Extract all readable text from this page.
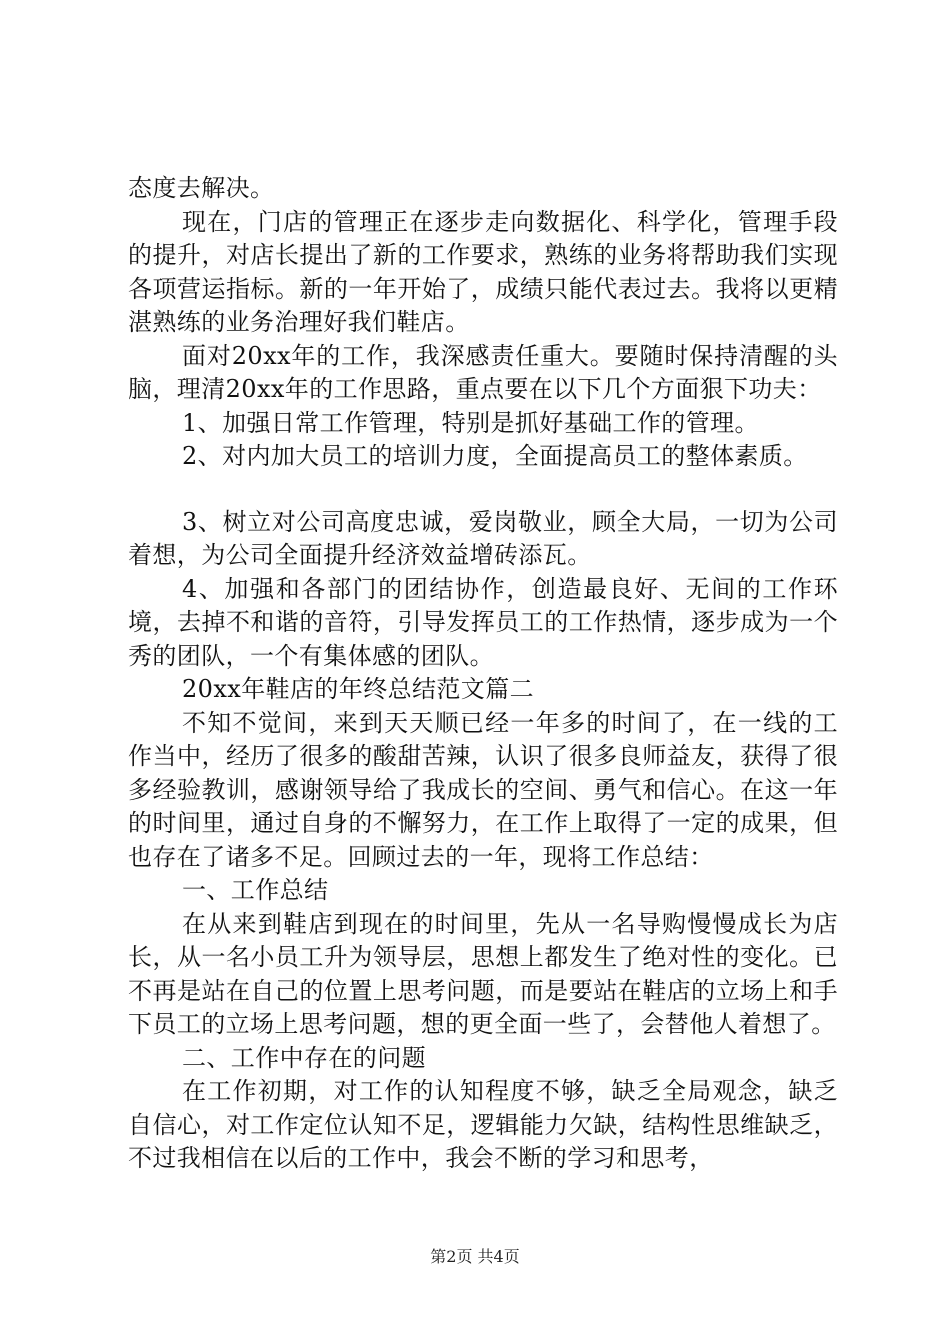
态度去解决。

现在，门店的管理正在逐步走向数据化、科学化，管理手段的提升，对店长提出了新的工作要求，熟练的业务将帮助我们实现各项营运指标。新的一年开始了，成绩只能代表过去。我将以更精湛熟练的业务治理好我们鞋店。

面对20xx年的工作，我深感责任重大。要随时保持清醒的头脑，理清20xx年的工作思路，重点要在以下几个方面狠下功夫：

1、加强日常工作管理，特别是抓好基础工作的管理。

2、对内加大员工的培训力度，全面提高员工的整体素质。

3、树立对公司高度忠诚，爱岗敬业，顾全大局，一切为公司着想，为公司全面提升经济效益增砖添瓦。

4、加强和各部门的团结协作，创造最良好、无间的工作环境，去掉不和谐的音符，引导发挥员工的工作热情，逐步成为一个秀的团队，一个有集体感的团队。

20xx年鞋店的年终总结范文篇二

不知不觉间，来到天天顺已经一年多的时间了，在一线的工作当中，经历了很多的酸甜苦辣，认识了很多良师益友，获得了很多经验教训，感谢领导给了我成长的空间、勇气和信心。在这一年的时间里，通过自身的不懈努力，在工作上取得了一定的成果，但也存在了诸多不足。回顾过去的一年，现将工作总结：

一、工作总结

在从来到鞋店到现在的时间里，先从一名导购慢慢成长为店长，从一名小员工升为领导层，思想上都发生了绝对性的变化。已不再是站在自己的位置上思考问题，而是要站在鞋店的立场上和手下员工的立场上思考问题，想的更全面一些了，会替他人着想了。

二、工作中存在的问题

在工作初期，对工作的认知程度不够，缺乏全局观念，缺乏自信心，对工作定位认知不足，逻辑能力欠缺，结构性思维缺乏，不过我相信在以后的工作中，我会不断的学习和思考，

第2页 共4页
